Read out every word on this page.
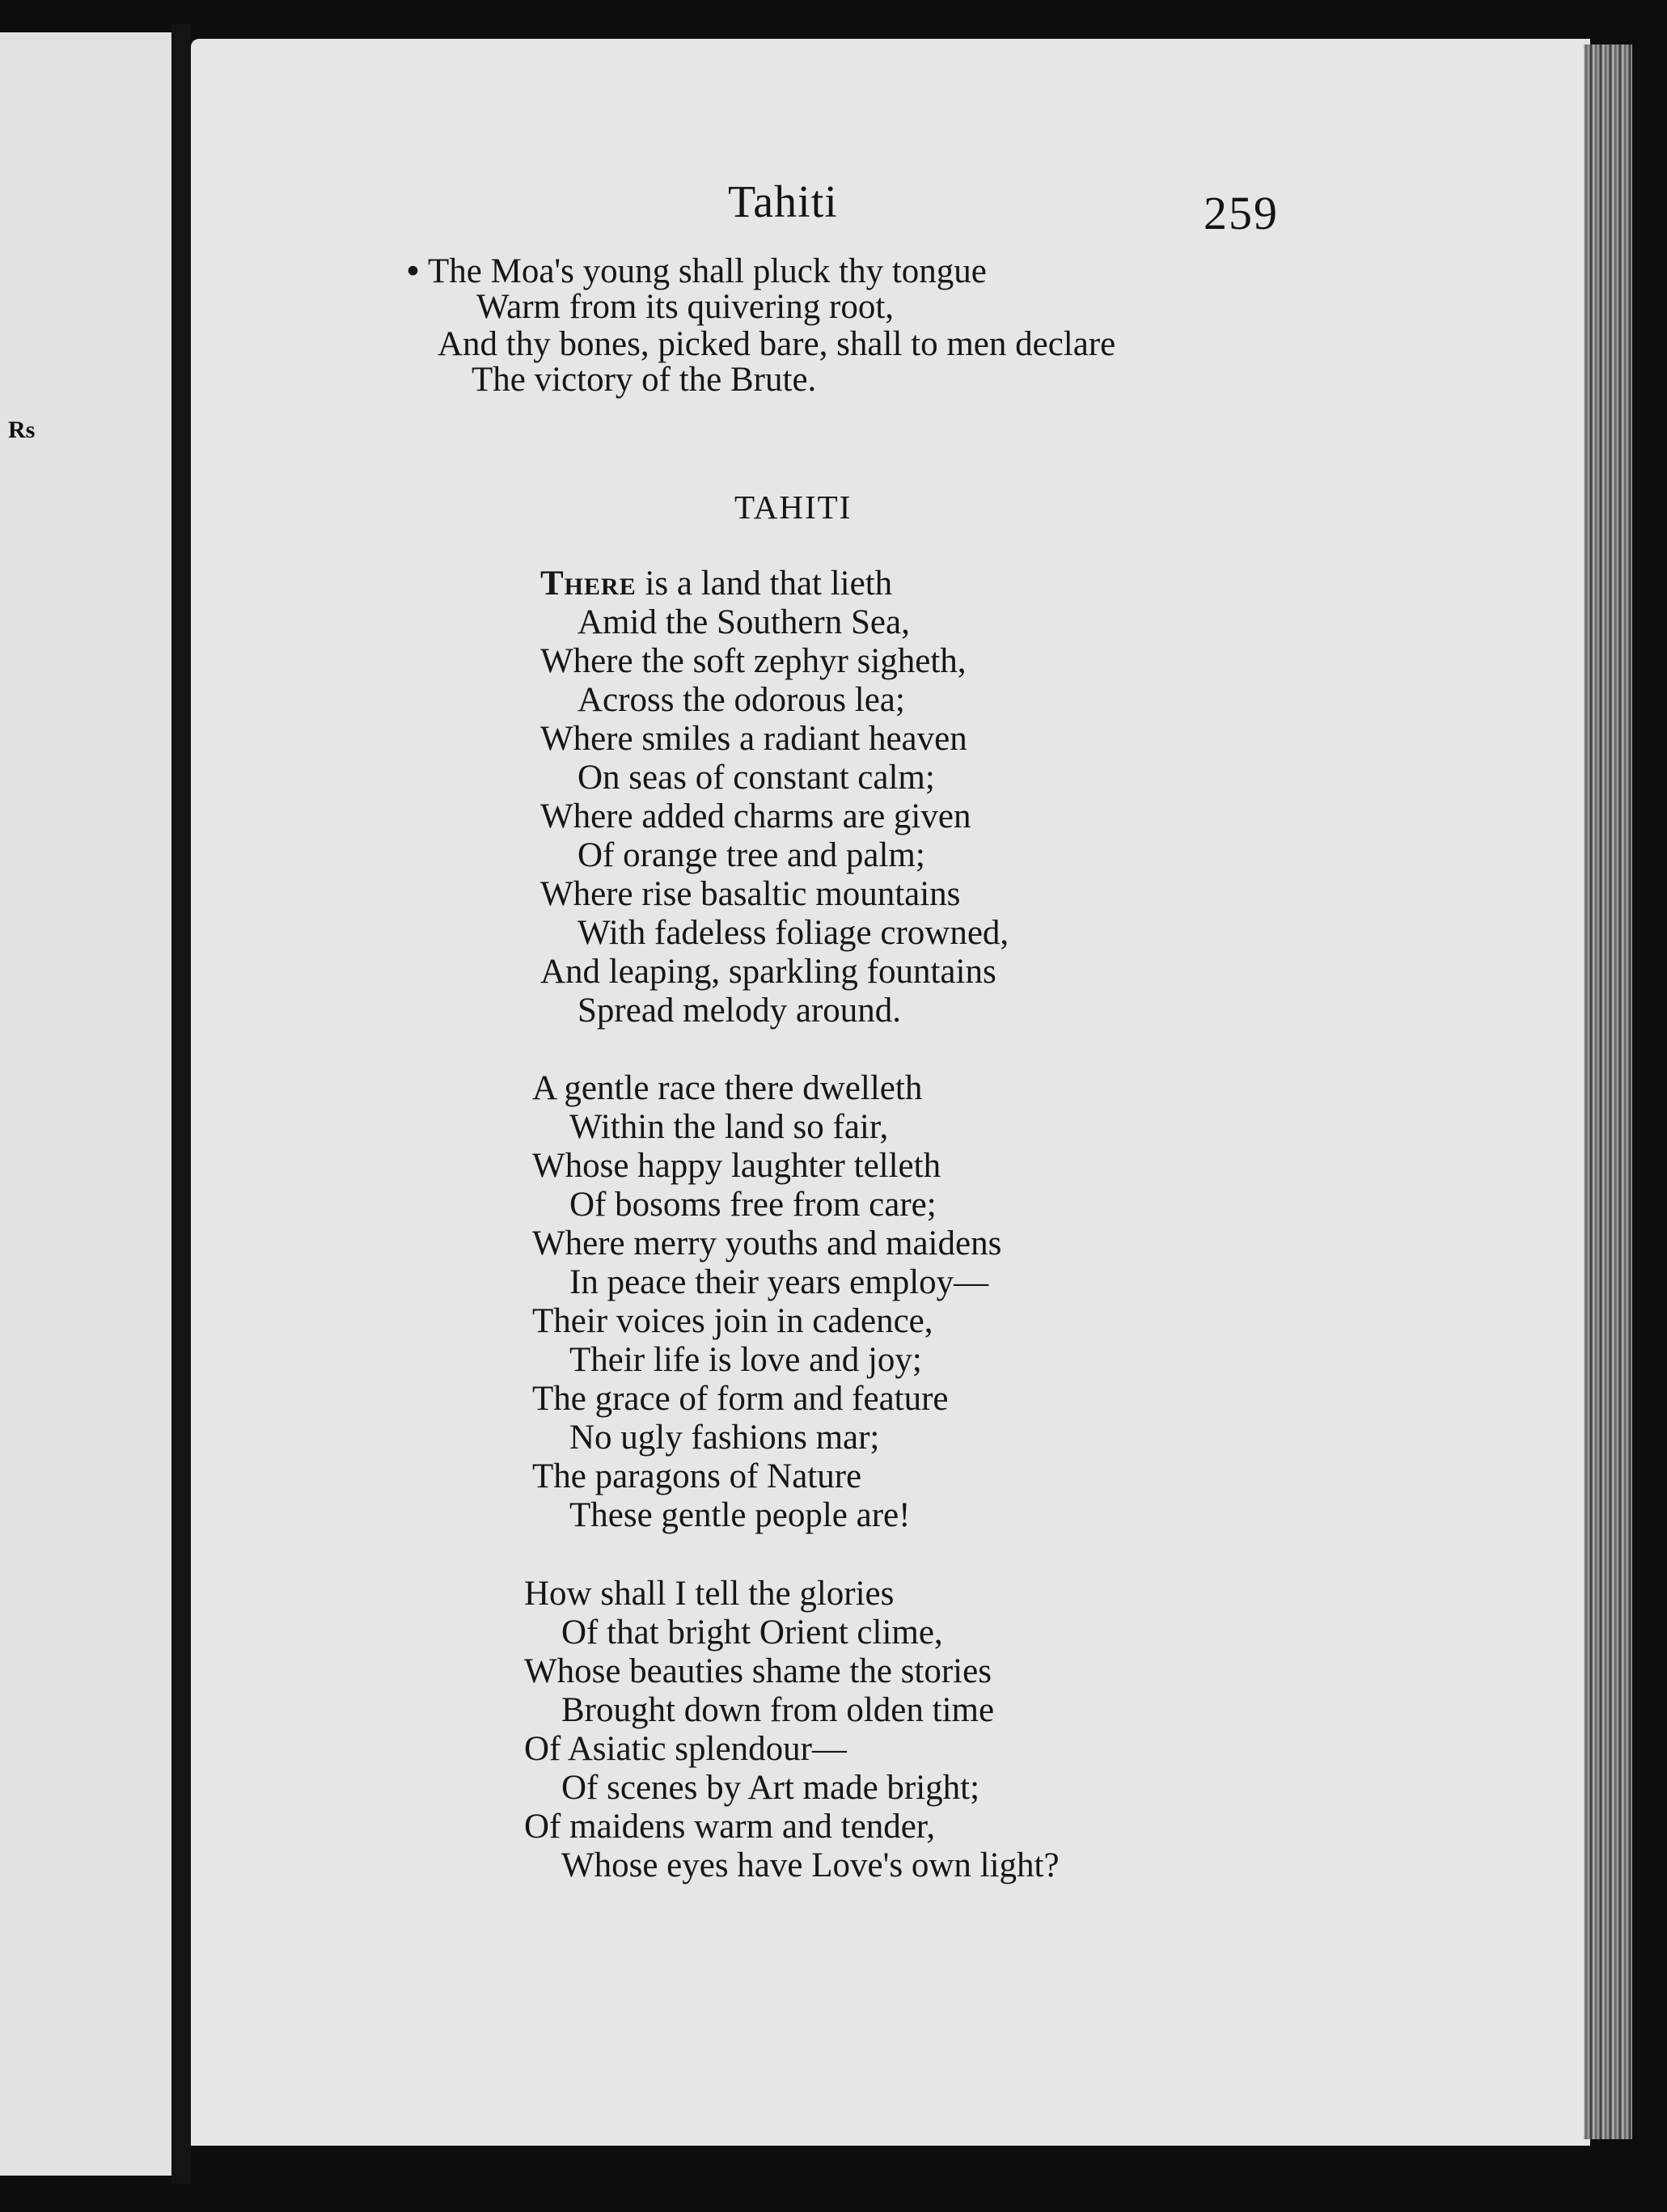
Rs
Tahiti	259
• The Moa's young shall pluck thy tongue
Warm from its quivering root,
And thy bones, picked bare, shall to men declare
The victory of the Brute.
TAHITI
There is a land that lieth
Amid the Southern Sea,
Where the soft zephyr sigheth,
Across the odorous lea;
Where smiles a radiant heaven
On seas of constant calm;
Where added charms are given
Of orange tree and palm;
Where rise basaltic mountains
With fadeless foliage crowned,
And leaping, sparkling fountains
Spread melody around.
A gentle race there dwelleth
Within the land so fair,
Whose happy laughter telleth
Of bosoms free from care;
Where merry youths and maidens
In peace their years employ—
Their voices join in cadence,
Their life is love and joy;
The grace of form and feature
No ugly fashions mar;
The paragons of Nature
These gentle people are!
How shall I tell the glories
Of that bright Orient clime,
Whose beauties shame the stories
Brought down from olden time
Of Asiatic splendour—
Of scenes by Art made bright;
Of maidens warm and tender,
Whose eyes have Love's own light?
